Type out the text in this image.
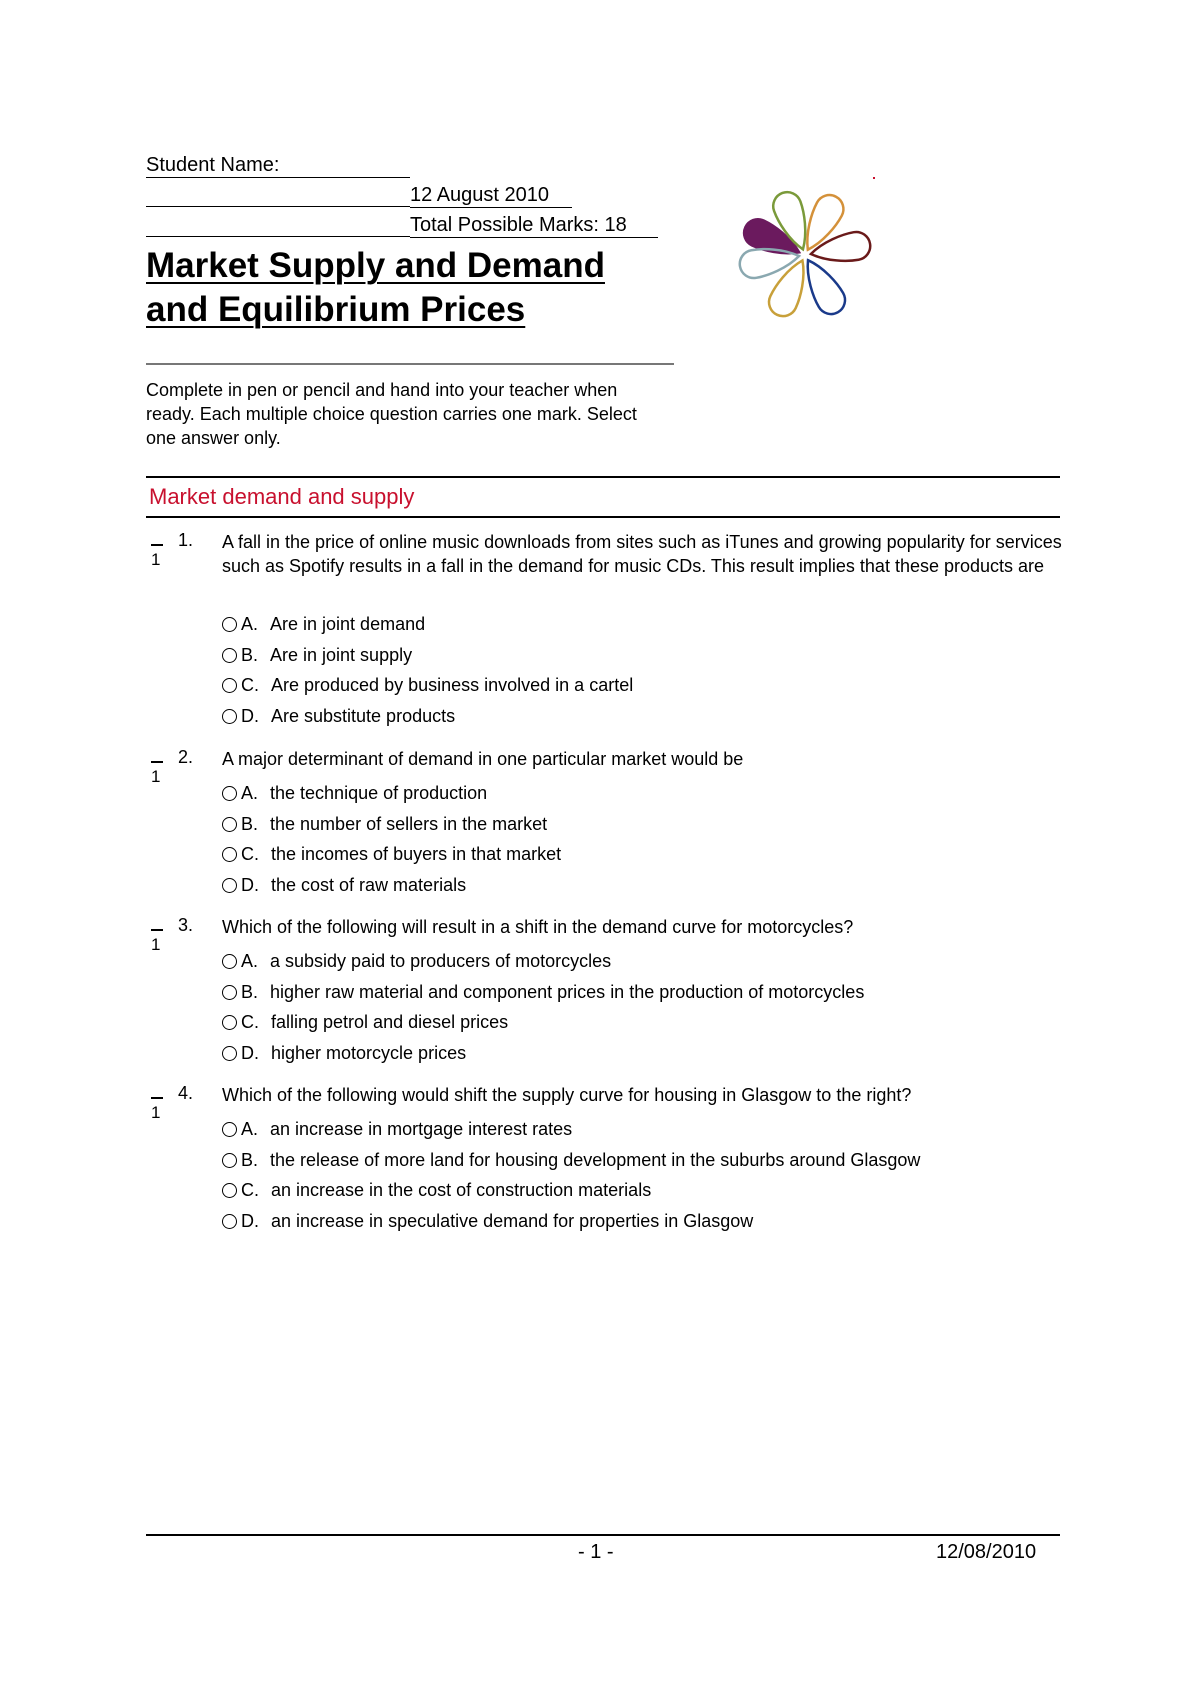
Student Name:
12 August 2010
Total Possible Marks: 18
Market Supply and Demand
and Equilibrium Prices
Complete in pen or pencil and hand into your teacher when ready. Each multiple choice question carries one mark. Select one answer only.
Market demand and supply
1
1. A fall in the price of online music downloads from sites such as iTunes and growing popularity for services such as Spotify results in a fall in the demand for music CDs. This result implies that these products are
A. Are in joint demand
B. Are in joint supply
C. Are produced by business involved in a cartel
D. Are substitute products
1
2. A major determinant of demand in one particular market would be
A. the technique of production
B. the number of sellers in the market
C. the incomes of buyers in that market
D. the cost of raw materials
1
3. Which of the following will result in a shift in the demand curve for motorcycles?
A. a subsidy paid to producers of motorcycles
B. higher raw material and component prices in the production of motorcycles
C. falling petrol and diesel prices
D. higher motorcycle prices
1
4. Which of the following would shift the supply curve for housing in Glasgow to the right?
A. an increase in mortgage interest rates
B. the release of more land for housing development in the suburbs around Glasgow
C. an increase in the cost of construction materials
D. an increase in speculative demand for properties in Glasgow
- 1 -	12/08/2010
